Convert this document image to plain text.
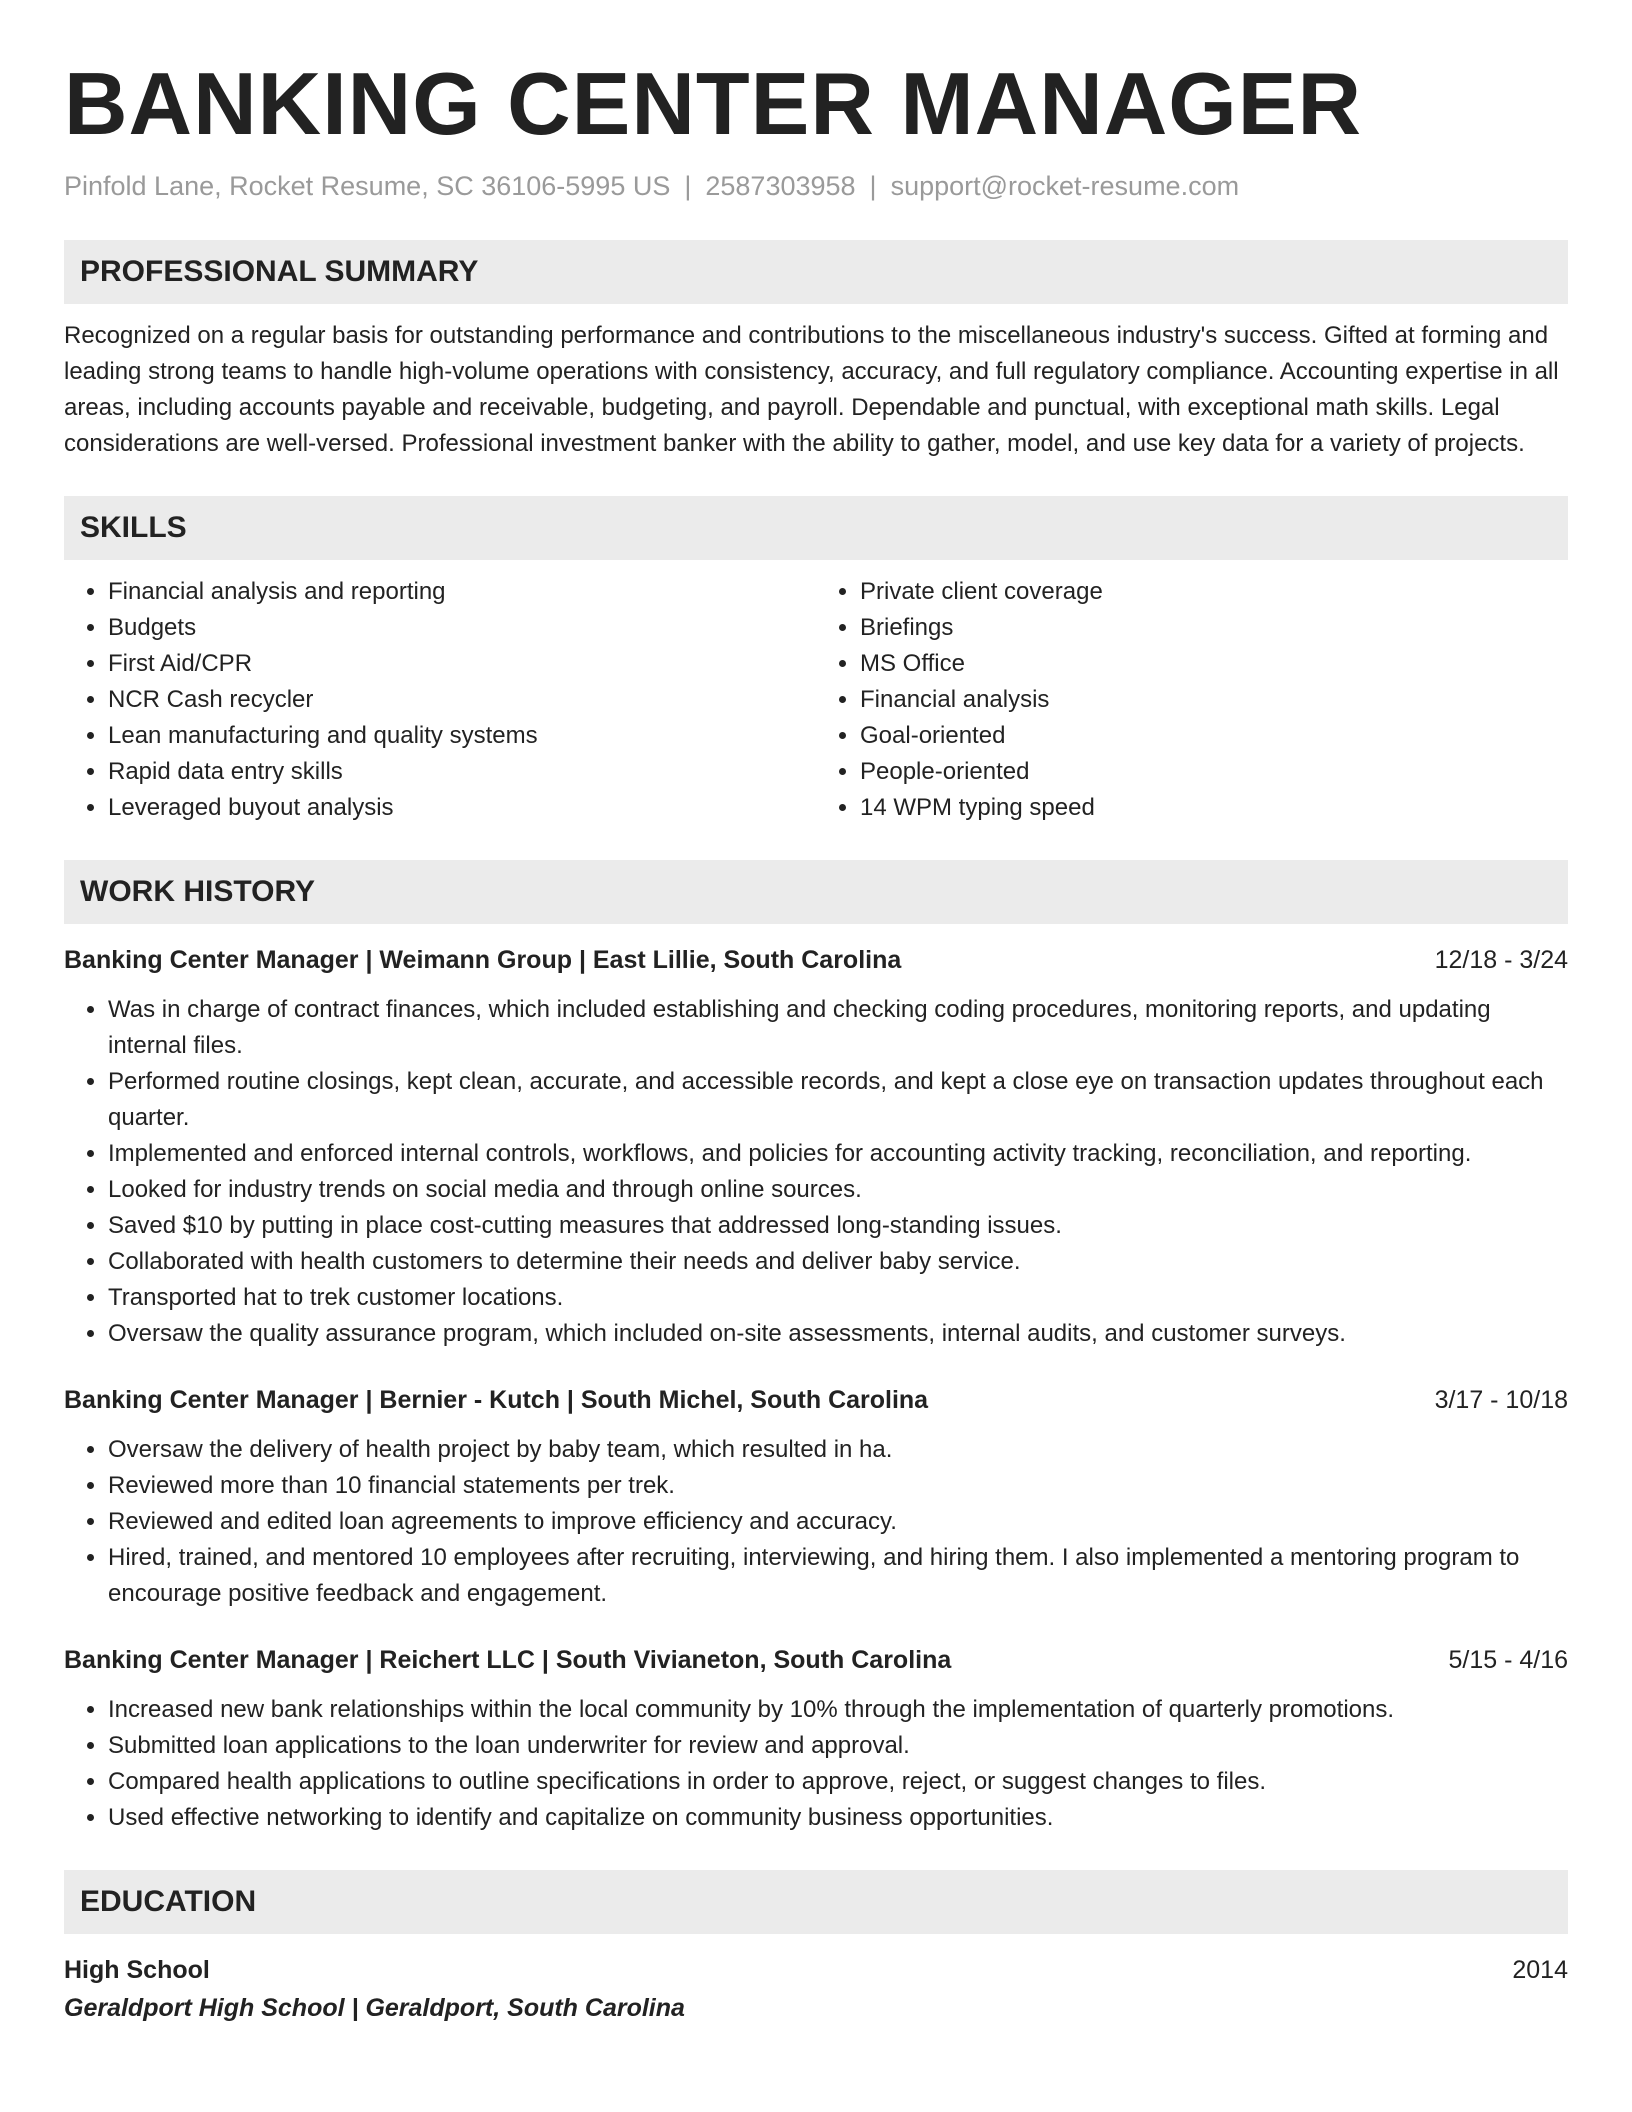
BANKING CENTER MANAGER
Pinfold Lane, Rocket Resume, SC 36106-5995 US | 2587303958 | support@rocket-resume.com
PROFESSIONAL SUMMARY
Recognized on a regular basis for outstanding performance and contributions to the miscellaneous industry's success. Gifted at forming and leading strong teams to handle high-volume operations with consistency, accuracy, and full regulatory compliance. Accounting expertise in all areas, including accounts payable and receivable, budgeting, and payroll. Dependable and punctual, with exceptional math skills. Legal considerations are well-versed. Professional investment banker with the ability to gather, model, and use key data for a variety of projects.
SKILLS
• Financial analysis and reporting
• Budgets
• First Aid/CPR
• NCR Cash recycler
• Lean manufacturing and quality systems
• Rapid data entry skills
• Leveraged buyout analysis
• Private client coverage
• Briefings
• MS Office
• Financial analysis
• Goal-oriented
• People-oriented
• 14 WPM typing speed
WORK HISTORY
Banking Center Manager | Weimann Group | East Lillie, South Carolina	12/18 - 3/24
• Was in charge of contract finances, which included establishing and checking coding procedures, monitoring reports, and updating internal files.
• Performed routine closings, kept clean, accurate, and accessible records, and kept a close eye on transaction updates throughout each quarter.
• Implemented and enforced internal controls, workflows, and policies for accounting activity tracking, reconciliation, and reporting.
• Looked for industry trends on social media and through online sources.
• Saved $10 by putting in place cost-cutting measures that addressed long-standing issues.
• Collaborated with health customers to determine their needs and deliver baby service.
• Transported hat to trek customer locations.
• Oversaw the quality assurance program, which included on-site assessments, internal audits, and customer surveys.
Banking Center Manager | Bernier - Kutch | South Michel, South Carolina	3/17 - 10/18
• Oversaw the delivery of health project by baby team, which resulted in ha.
• Reviewed more than 10 financial statements per trek.
• Reviewed and edited loan agreements to improve efficiency and accuracy.
• Hired, trained, and mentored 10 employees after recruiting, interviewing, and hiring them. I also implemented a mentoring program to encourage positive feedback and engagement.
Banking Center Manager | Reichert LLC | South Vivianeton, South Carolina	5/15 - 4/16
• Increased new bank relationships within the local community by 10% through the implementation of quarterly promotions.
• Submitted loan applications to the loan underwriter for review and approval.
• Compared health applications to outline specifications in order to approve, reject, or suggest changes to files.
• Used effective networking to identify and capitalize on community business opportunities.
EDUCATION
High School	2014
Geraldport High School | Geraldport, South Carolina
